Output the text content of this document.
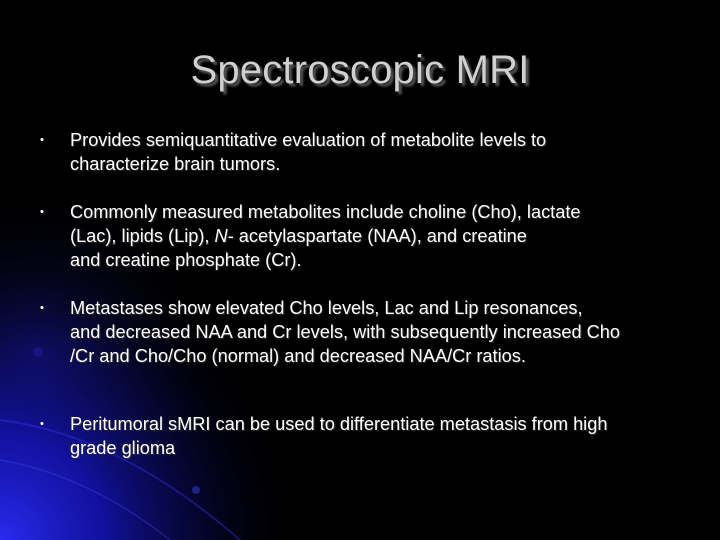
Spectroscopic MRI
• Provides semiquantitative evaluation of metabolite levels to
characterize brain tumors.
• Commonly measured metabolites include choline (Cho), lactate
(Lac), lipids (Lip), N- acetylaspartate (NAA), and creatine
and creatine phosphate (Cr).
• Metastases show elevated Cho levels, Lac and Lip resonances,
and decreased NAA and Cr levels, with subsequently increased Cho
/Cr and Cho/Cho (normal) and decreased NAA/Cr ratios.
• Peritumoral sMRI can be used to differentiate metastasis from high
grade glioma
